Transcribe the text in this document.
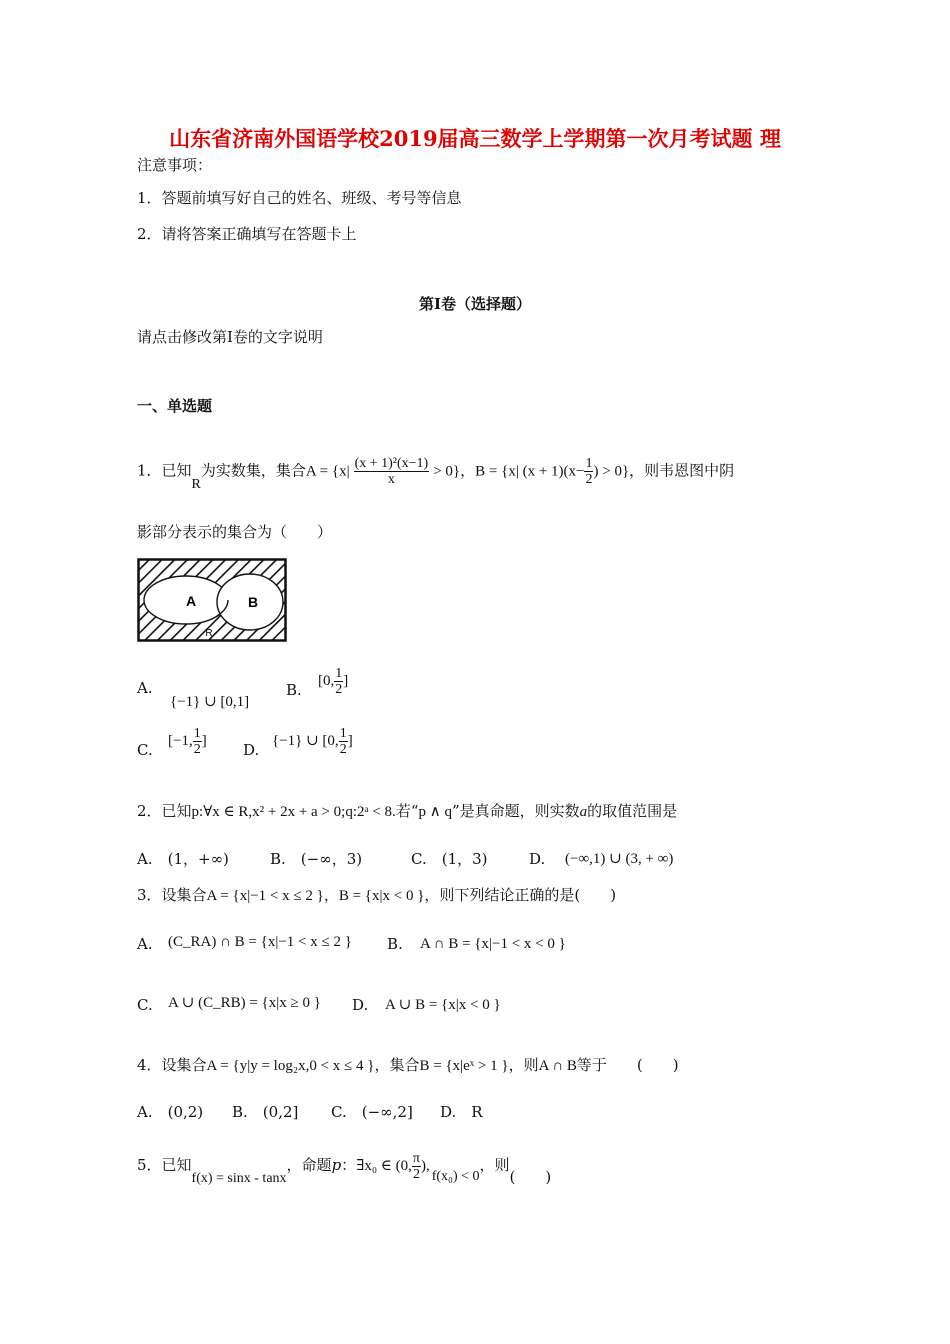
山东省济南外国语学校2019届高三数学上学期第一次月考试题 理
注意事项：
1．答题前填写好自己的姓名、班级、考号等信息
2．请将答案正确填写在答题卡上
第I卷（选择题）
请点击修改第I卷的文字说明
一、单选题
1．已知R为实数集，集合$A = \{x| \frac{\text{(x + 1)²(x−1)}}{x} > 0\}$，B = {x| $(x + 1)(x- \frac{1}{2}$ ) > 0}，则韦恩图中阴
影部分表示的集合为（　　）
A	B
R
A.
{−1} ∪ [0,1]
B.
[0, $\frac{1}{2}$ ]
C.
[−1, $\frac{1}{2}$ ]
D.
{−1} ∪ [0, $\frac{1}{2}$ ]
2．已知p:∀x ∈ R,x² + 2x + a > 0;q:2ᵃ < 8.若“p ∧ q”是真命题，则实数a的取值范围是
A.　(1，+∞)	B.　(−∞，3)	C.　(1，3)	D. (−∞,1) ∪ (3, + ∞)
3．设集合A = {x|−1 < x ≤ 2 }，B = {x|x < 0 }，则下列结论正确的是(　　)
A. (C_RA) ∩ B = {x|−1 < x ≤ 2 } B. A ∩ B = {x|−1 < x < 0 }
C. A ∪ (C_RB) = {x|x ≥ 0 } D. A ∪ B = {x|x < 0 }
4．设集合A = {y|y = log₂x,0 < x ≤ 4 }，集合B = {x|eˣ > 1 }，则A ∩ B等于　　(　　)
A.　(0,2) B.　(0,2] C.　(−∞,2] D.　R
5．已知f(x) = sinx - tanx，命题p：∃x₀ ∈ (0, $\frac{\pi}{2} ),f(x_0) < 0$，则(　　)
